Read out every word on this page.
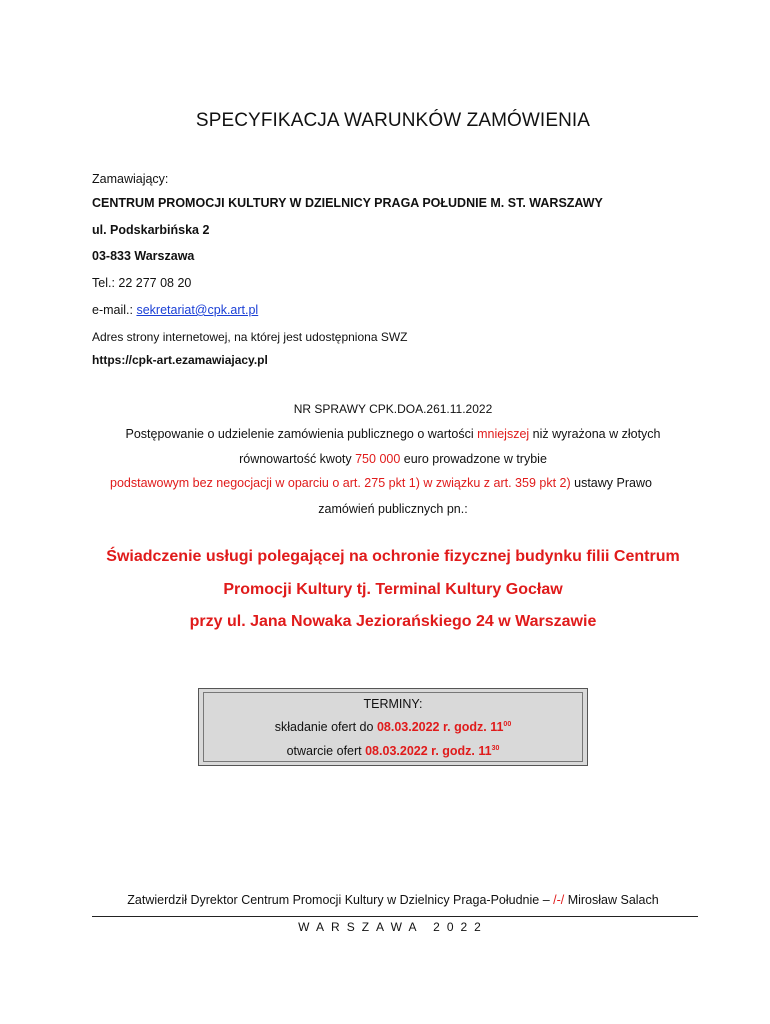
SPECYFIKACJA WARUNKÓW ZAMÓWIENIA
Zamawiający:
CENTRUM PROMOCJI KULTURY W DZIELNICY PRAGA POŁUDNIE M. ST. WARSZAWY
ul. Podskarbińska 2
03-833 Warszawa
Tel.: 22 277 08 20
e-mail.: sekretariat@cpk.art.pl
Adres strony internetowej, na której jest udostępniona SWZ
https://cpk-art.ezamawiajacy.pl
NR SPRAWY CPK.DOA.261.11.2022
Postępowanie o udzielenie zamówienia publicznego o wartości mniejszej niż wyrażona w złotych
równowartość kwoty 750 000 euro prowadzone w trybie
podstawowym bez negocjacji w oparciu o art. 275 pkt 1) w związku z art. 359 pkt 2) ustawy Prawo
zamówień publicznych pn.:
Świadczenie usługi polegającej na ochronie fizycznej budynku filii Centrum
Promocji Kultury tj. Terminal Kultury Gocław
przy ul. Jana Nowaka Jeziorańskiego 24 w Warszawie
TERMINY:
składanie ofert do 08.03.2022 r. godz. $11^{00}$
otwarcie ofert 08.03.2022 r. godz. $11^{30}$
Zatwierdził Dyrektor Centrum Promocji Kultury w Dzielnicy Praga-Południe – /-/ Mirosław Salach
WARSZAWA 2022
